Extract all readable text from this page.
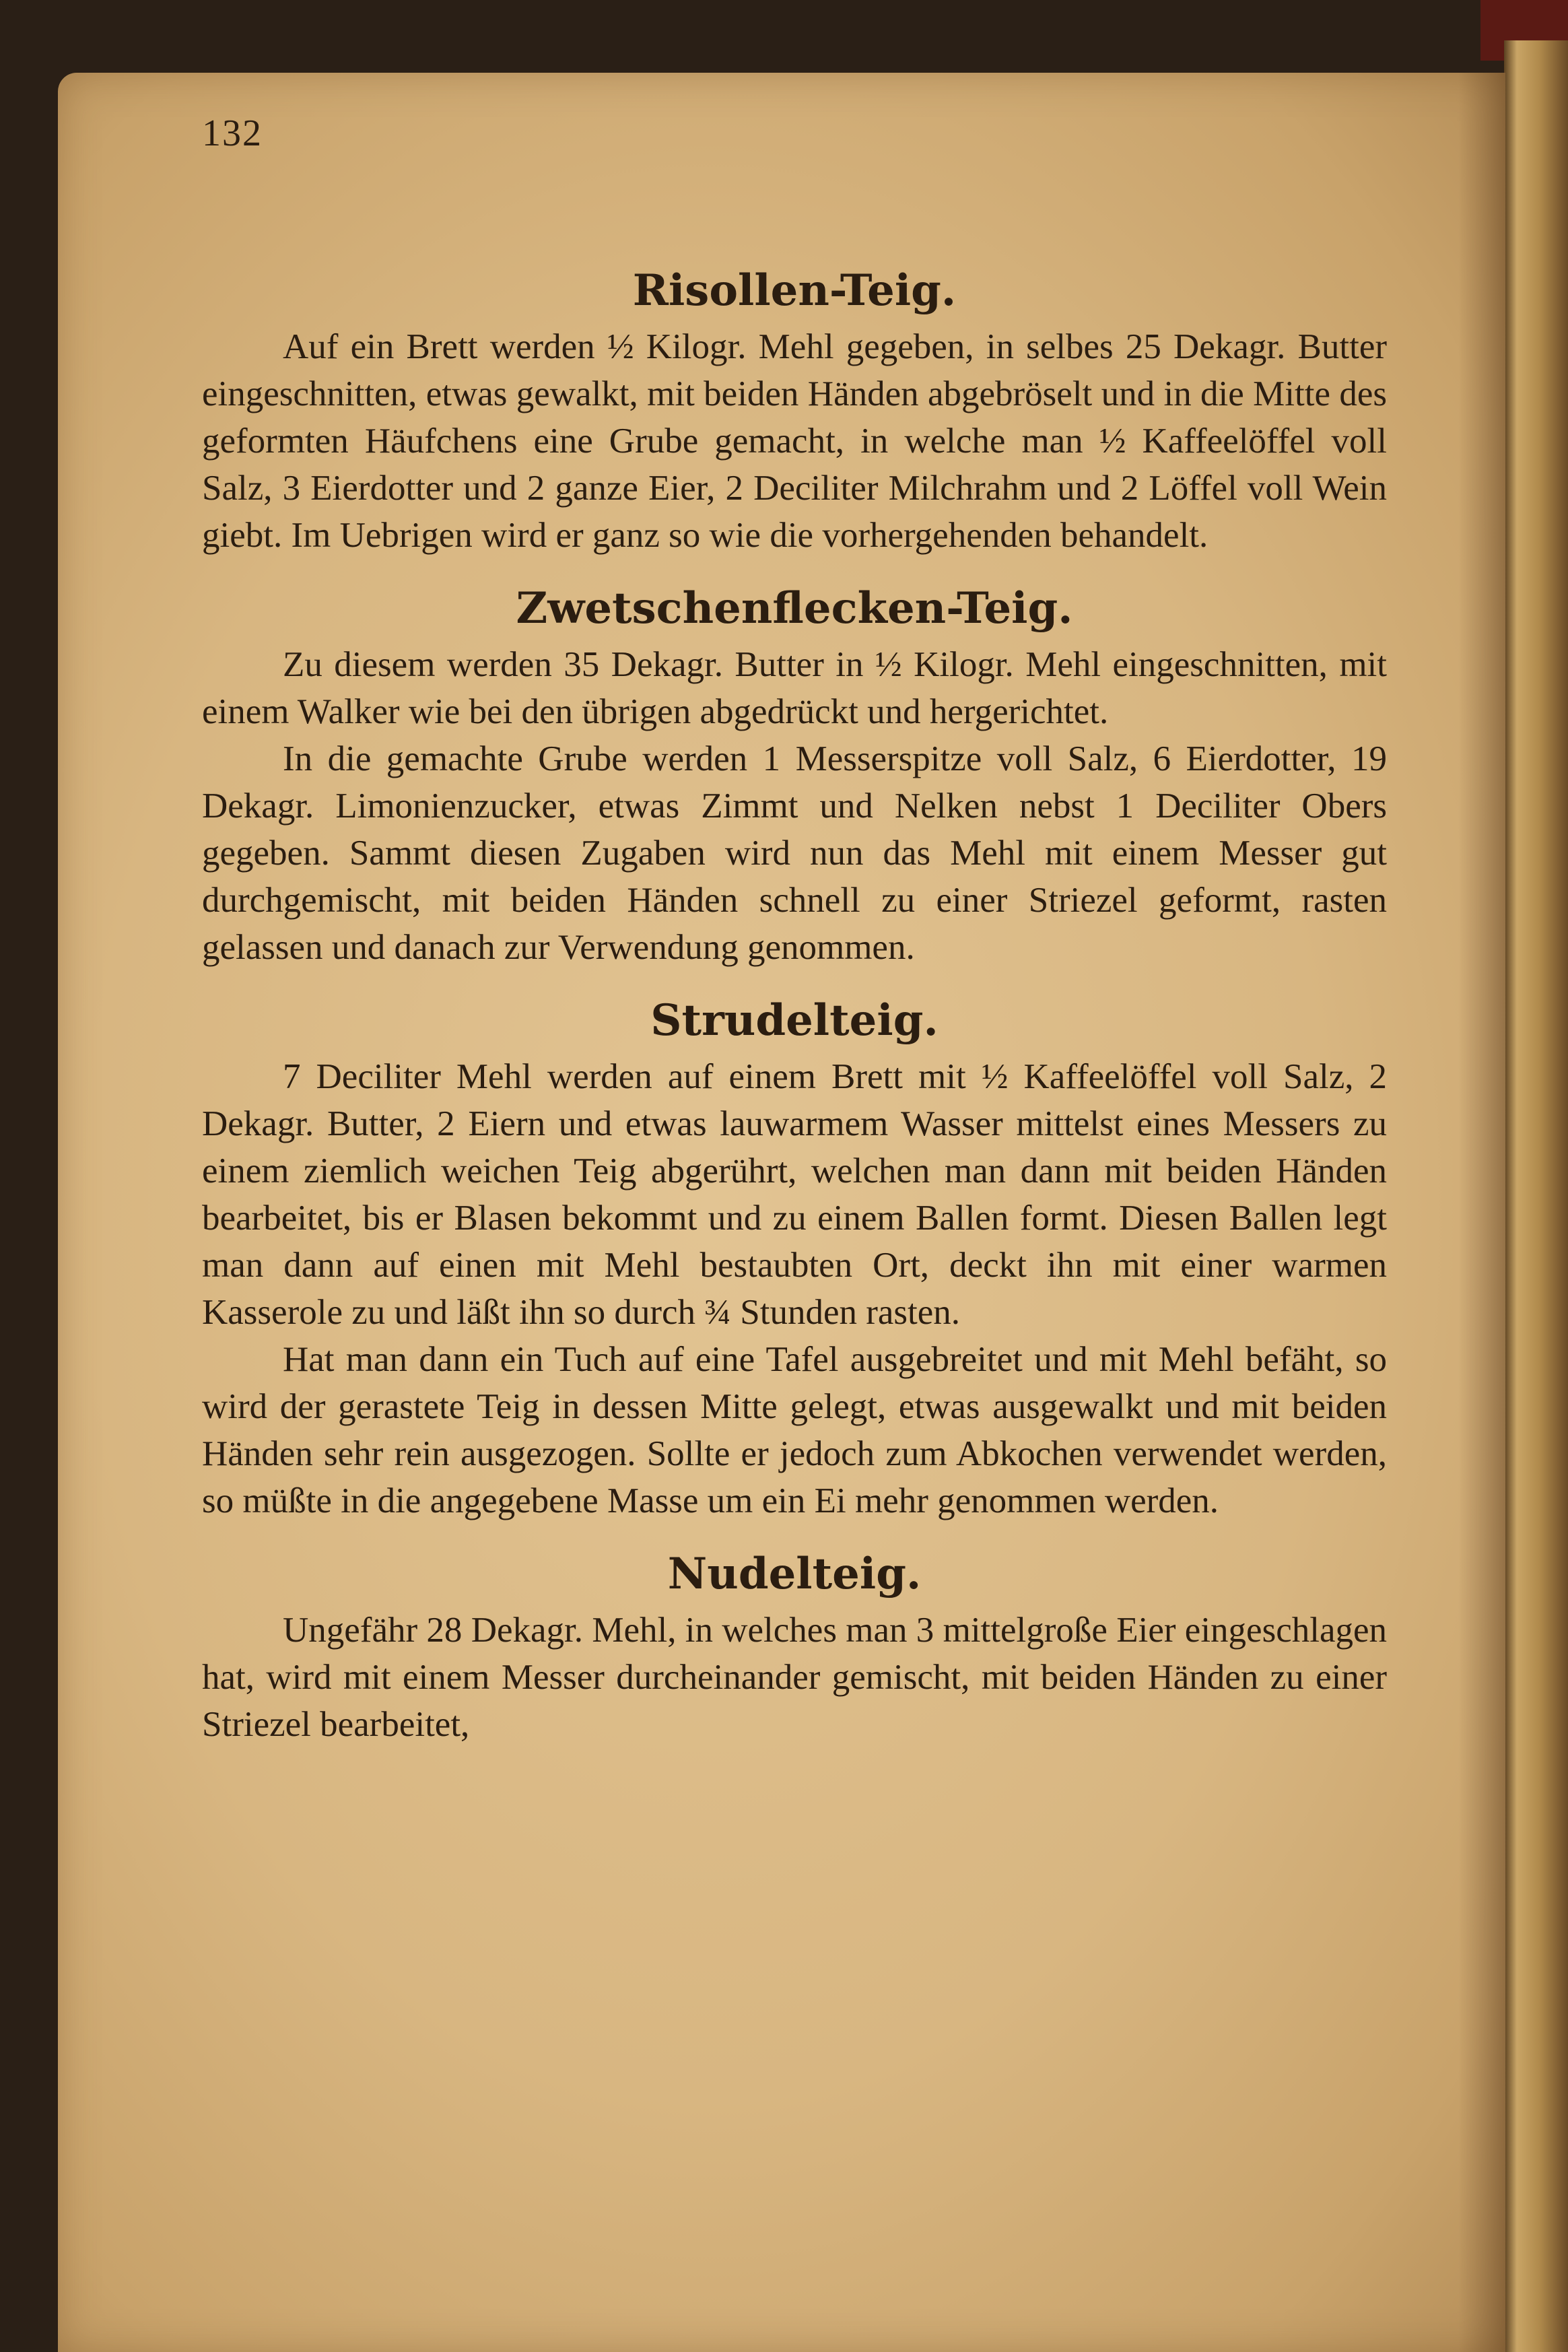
132
Risollen-Teig.

Auf ein Brett werden ½ Kilogr. Mehl gegeben, in selbes 25 Dekagr. Butter eingeschnitten, etwas gewalkt, mit beiden Händen abgebröselt und in die Mitte des geformten Häufchens eine Grube gemacht, in welche man ½ Kaffeelöffel voll Salz, 3 Eierdotter und 2 ganze Eier, 2 Deciliter Milchrahm und 2 Löffel voll Wein giebt. Im Uebrigen wird er ganz so wie die vorhergehenden behandelt.

Zwetschenflecken-Teig.

Zu diesem werden 35 Dekagr. Butter in ½ Kilogr. Mehl eingeschnitten, mit einem Walker wie bei den übrigen abgedrückt und hergerichtet.

In die gemachte Grube werden 1 Messerspitze voll Salz, 6 Eierdotter, 19 Dekagr. Limonienzucker, etwas Zimmt und Nelken nebst 1 Deciliter Obers gegeben. Sammt diesen Zugaben wird nun das Mehl mit einem Messer gut durchgemischt, mit beiden Händen schnell zu einer Striezel geformt, rasten gelassen und danach zur Verwendung genommen.

Strudelteig.

7 Deciliter Mehl werden auf einem Brett mit ½ Kaffeelöffel voll Salz, 2 Dekagr. Butter, 2 Eiern und etwas lauwarmem Wasser mittelst eines Messers zu einem ziemlich weichen Teig abgerührt, welchen man dann mit beiden Händen bearbeitet, bis er Blasen bekommt und zu einem Ballen formt. Diesen Ballen legt man dann auf einen mit Mehl bestaubten Ort, deckt ihn mit einer warmen Kasserole zu und läßt ihn so durch ¾ Stunden rasten.

Hat man dann ein Tuch auf eine Tafel ausgebreitet und mit Mehl befäht, so wird der gerastete Teig in dessen Mitte gelegt, etwas ausgewalkt und mit beiden Händen sehr rein ausgezogen. Sollte er jedoch zum Abkochen verwendet werden, so müßte in die angegebene Masse um ein Ei mehr genommen werden.

Nudelteig.

Ungefähr 28 Dekagr. Mehl, in welches man 3 mittelgroße Eier eingeschlagen hat, wird mit einem Messer durcheinander gemischt, mit beiden Händen zu einer Striezel bearbeitet,
